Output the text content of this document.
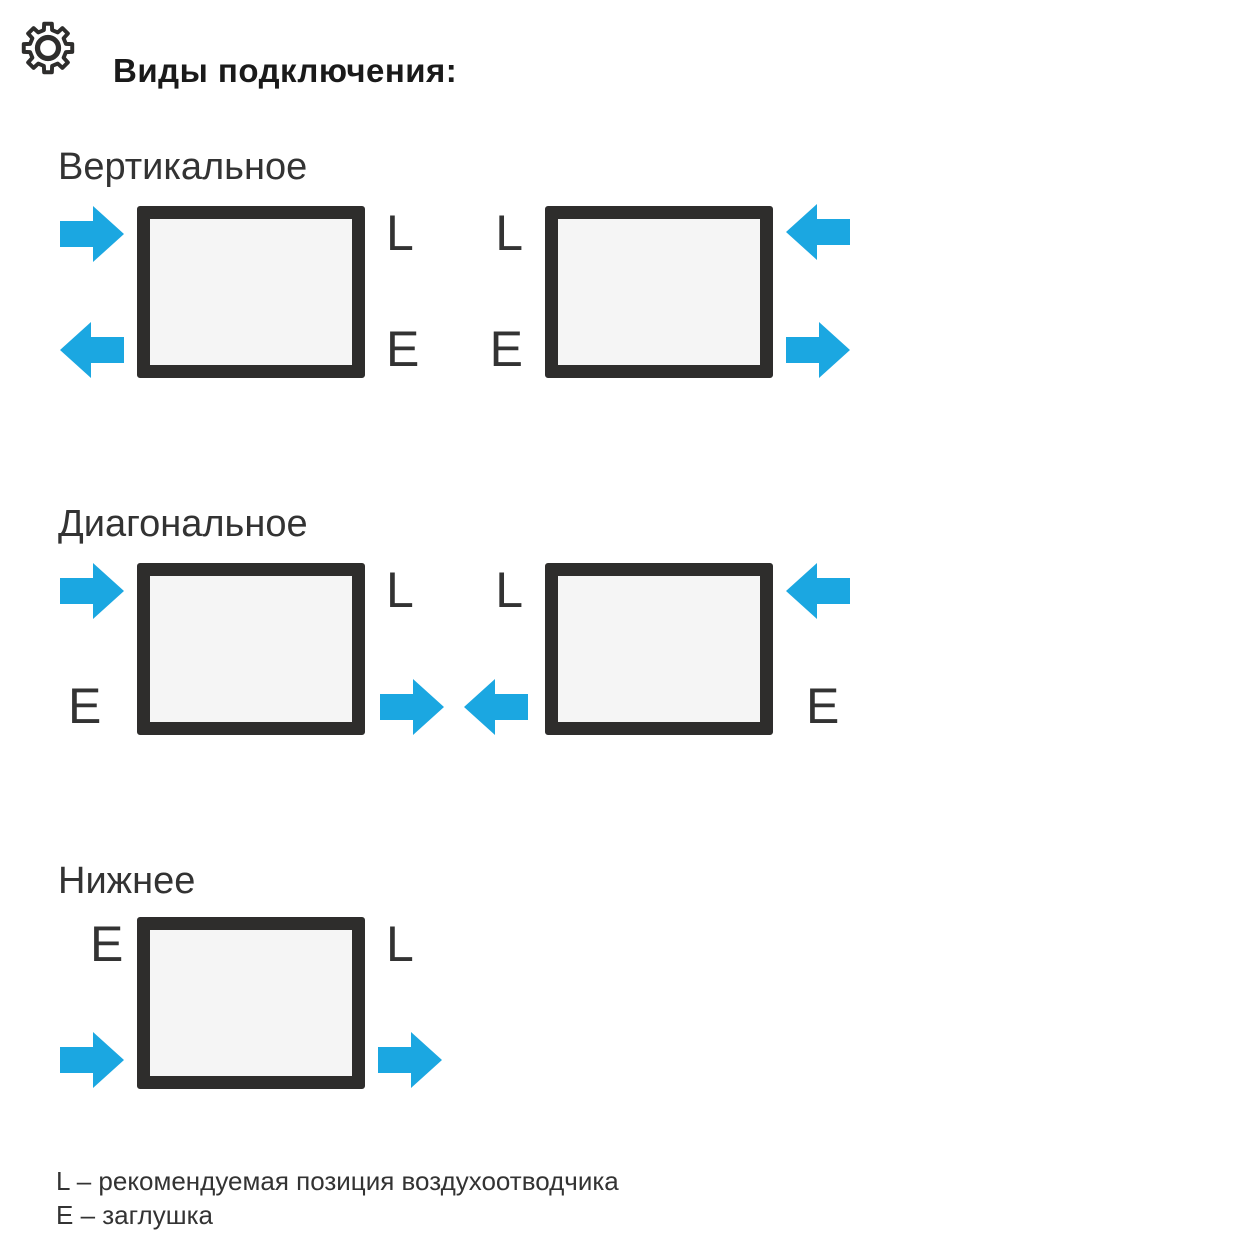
Виды подключения:
Вертикальное
L
E
L
E
Диагональное
L
E
L
E
Нижнее
E	L
L – рекомендуемая позиция воздухоотводчика
E – заглушка
